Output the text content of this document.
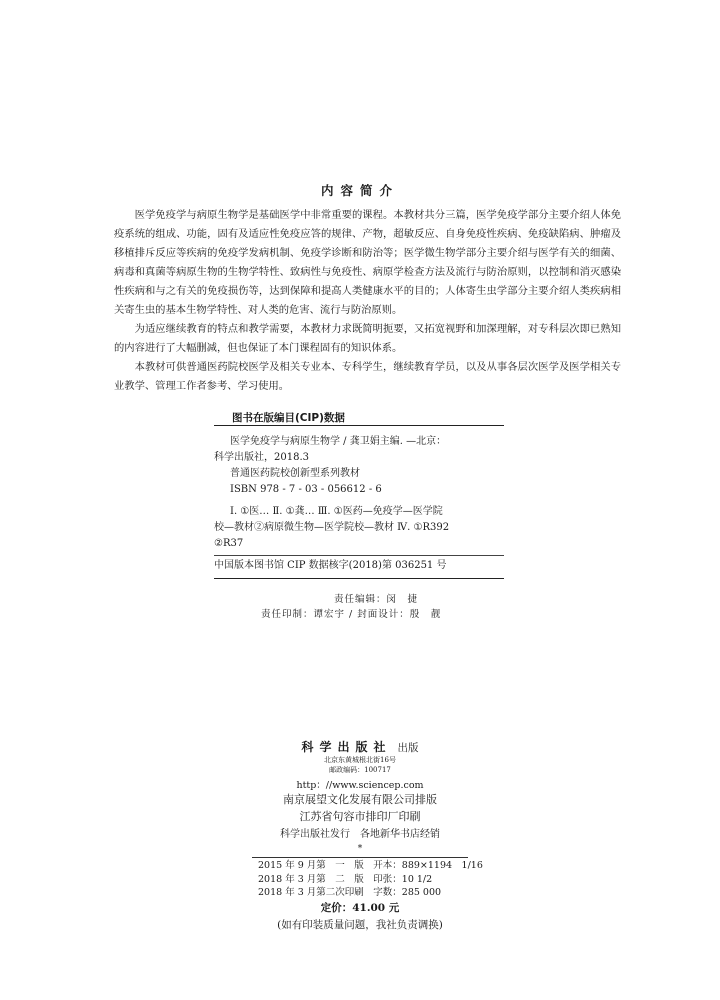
内容简介

医学免疫学与病原生物学是基础医学中非常重要的课程。本教材共分三篇，医学免疫学部分主要介绍人体免疫系统的组成、功能，固有及适应性免疫应答的规律、产物，超敏反应、自身免疫性疾病、免疫缺陷病、肿瘤及移植排斥反应等疾病的免疫学发病机制、免疫学诊断和防治等；医学微生物学部分主要介绍与医学有关的细菌、病毒和真菌等病原生物的生物学特性、致病性与免疫性、病原学检查方法及流行与防治原则，以控制和消灭感染性疾病和与之有关的免疫损伤等，达到保障和提高人类健康水平的目的；人体寄生虫学部分主要介绍人类疾病相关寄生虫的基本生物学特性、对人类的危害、流行与防治原则。

为适应继续教育的特点和教学需要，本教材力求既简明扼要，又拓宽视野和加深理解，对专科层次即已熟知的内容进行了大幅删减，但也保证了本门课程固有的知识体系。

本教材可供普通医药院校医学及相关专业本、专科学生，继续教育学员，以及从事各层次医学及医学相关专业教学、管理工作者参考、学习使用。

图书在版编目(CIP)数据
医学免疫学与病原生物学 / 龚卫娟主编. —北京：
科学出版社，2018.3
普通医药院校创新型系列教材
ISBN 978 - 7 - 03 - 056612 - 6
Ⅰ. ①医… Ⅱ. ①龚… Ⅲ. ①医药—免疫学—医学院
校—教材②病原微生物—医学院校—教材 Ⅳ. ①R392
②R37
中国版本图书馆 CIP 数据核字(2018)第 036251 号
责任编辑：闵　捷
责任印制：谭宏宇 / 封面设计：殷　靓
科学出版社 出版
北京东黄城根北街16号
邮政编码：100717
http：//www.sciencep.com
南京展望文化发展有限公司排版
江苏省句容市排印厂印刷
科学出版社发行　各地新华书店经销
*
2015 年 9 月第　一　版　开本：889×1194　1/16
2018 年 3 月第　二　版　印张：10 1/2
2018 年 3 月第二次印刷　字数：285 000
定价：41.00 元
(如有印装质量问题，我社负责调换)
